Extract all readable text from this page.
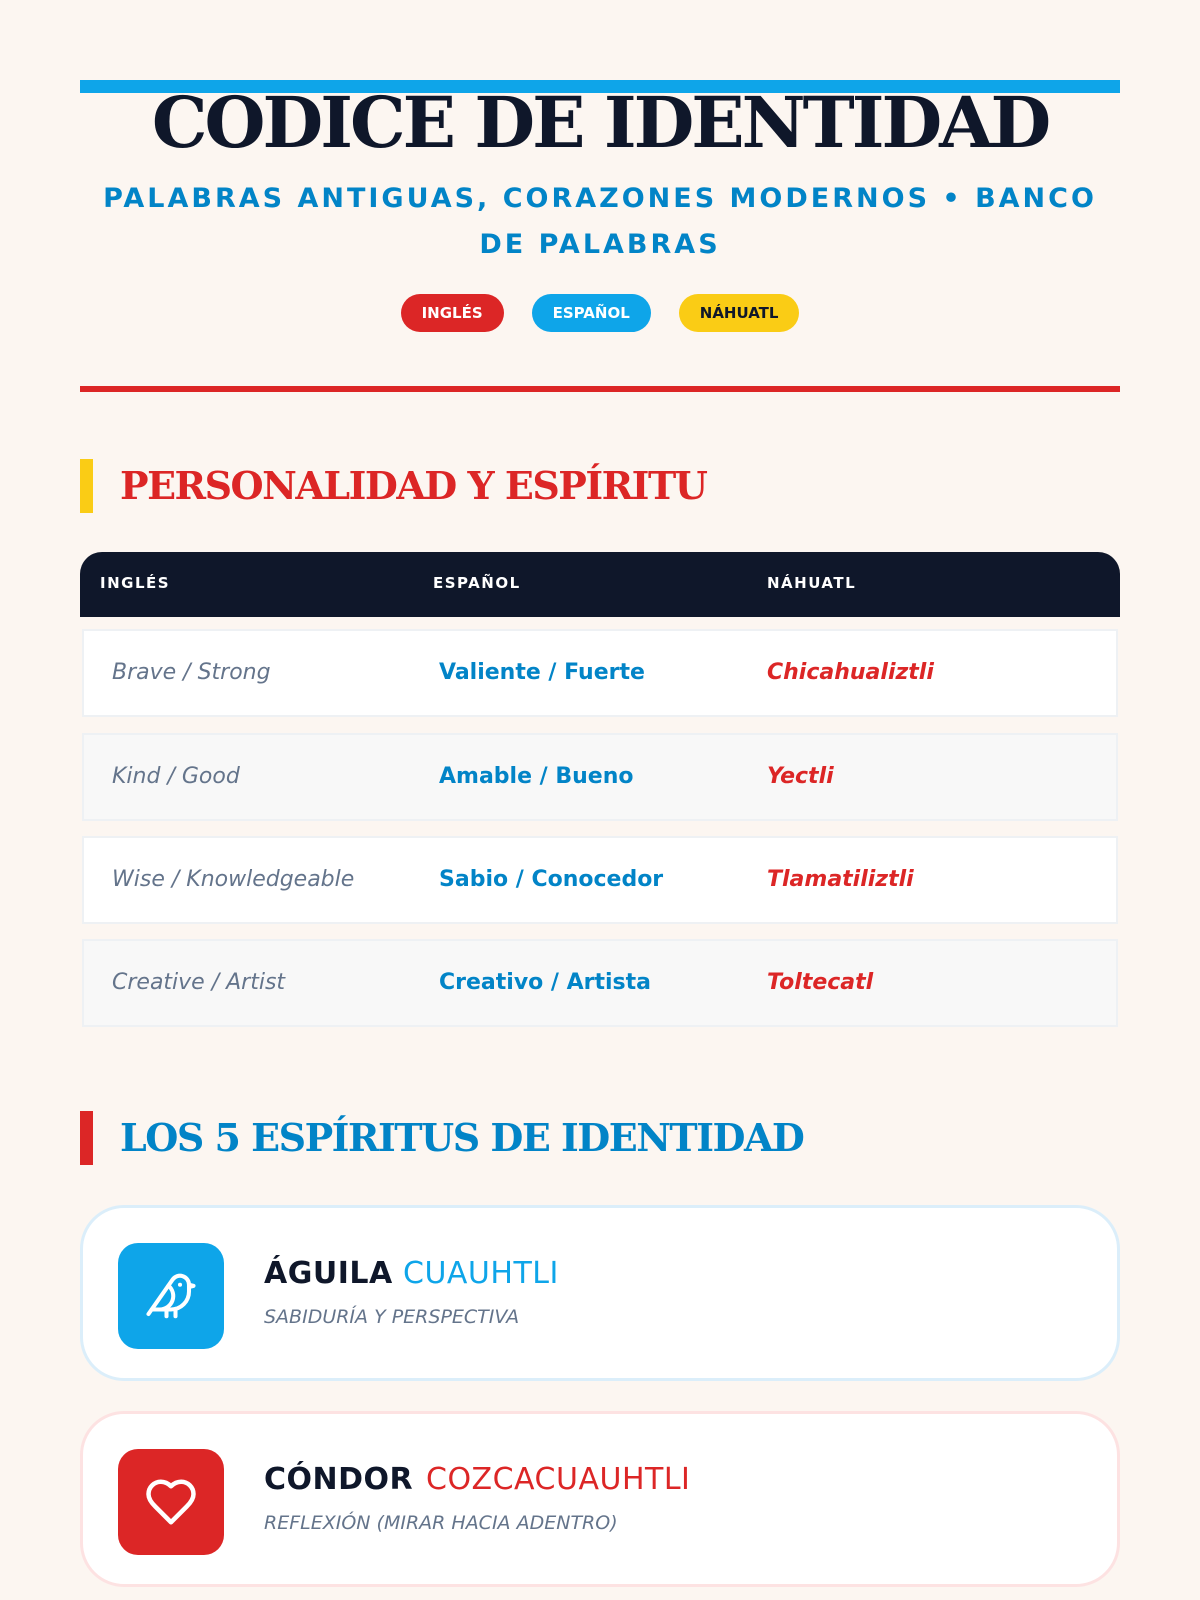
CODICE DE IDENTIDAD
PALABRAS ANTIGUAS, CORAZONES MODERNOS • BANCO DE PALABRAS
INGLÉS	ESPAÑOL	NÁHUATL
PERSONALIDAD Y ESPÍRITU
INGLÉS	ESPAÑOL	NÁHUATL
Brave / Strong	Valiente / Fuerte	Chicahualiztli
Kind / Good	Amable / Bueno	Yectli
Wise / Knowledgeable	Sabio / Conocedor	Tlamatiliztli
Creative / Artist	Creativo / Artista	Toltecatl
LOS 5 ESPÍRITUS DE IDENTIDAD
ÁGUILA CUAUHTLI
SABIDURÍA Y PERSPECTIVA
CÓNDOR COZCACUAUHTLI
REFLEXIÓN (MIRAR HACIA ADENTRO)
